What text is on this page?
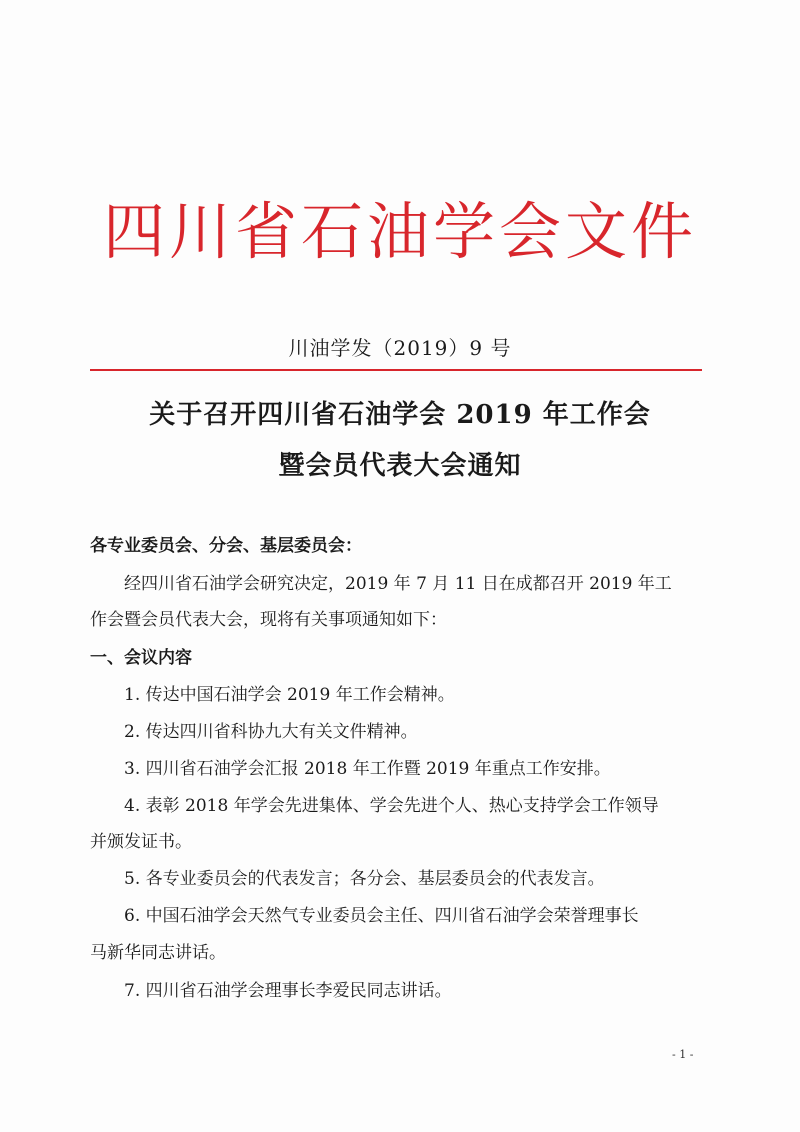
四川省石油学会文件
川油学发（2019）9 号
关于召开四川省石油学会 2019 年工作会
暨会员代表大会通知
各专业委员会、分会、基层委员会：
经四川省石油学会研究决定，2019 年 7 月 11 日在成都召开 2019 年工
作会暨会员代表大会，现将有关事项通知如下：
一、会议内容
1. 传达中国石油学会 2019 年工作会精神。
2. 传达四川省科协九大有关文件精神。
3. 四川省石油学会汇报 2018 年工作暨 2019 年重点工作安排。
4. 表彰 2018 年学会先进集体、学会先进个人、热心支持学会工作领导
并颁发证书。
5. 各专业委员会的代表发言；各分会、基层委员会的代表发言。
6. 中国石油学会天然气专业委员会主任、四川省石油学会荣誉理事长
马新华同志讲话。
7. 四川省石油学会理事长李爱民同志讲话。
- 1 -
